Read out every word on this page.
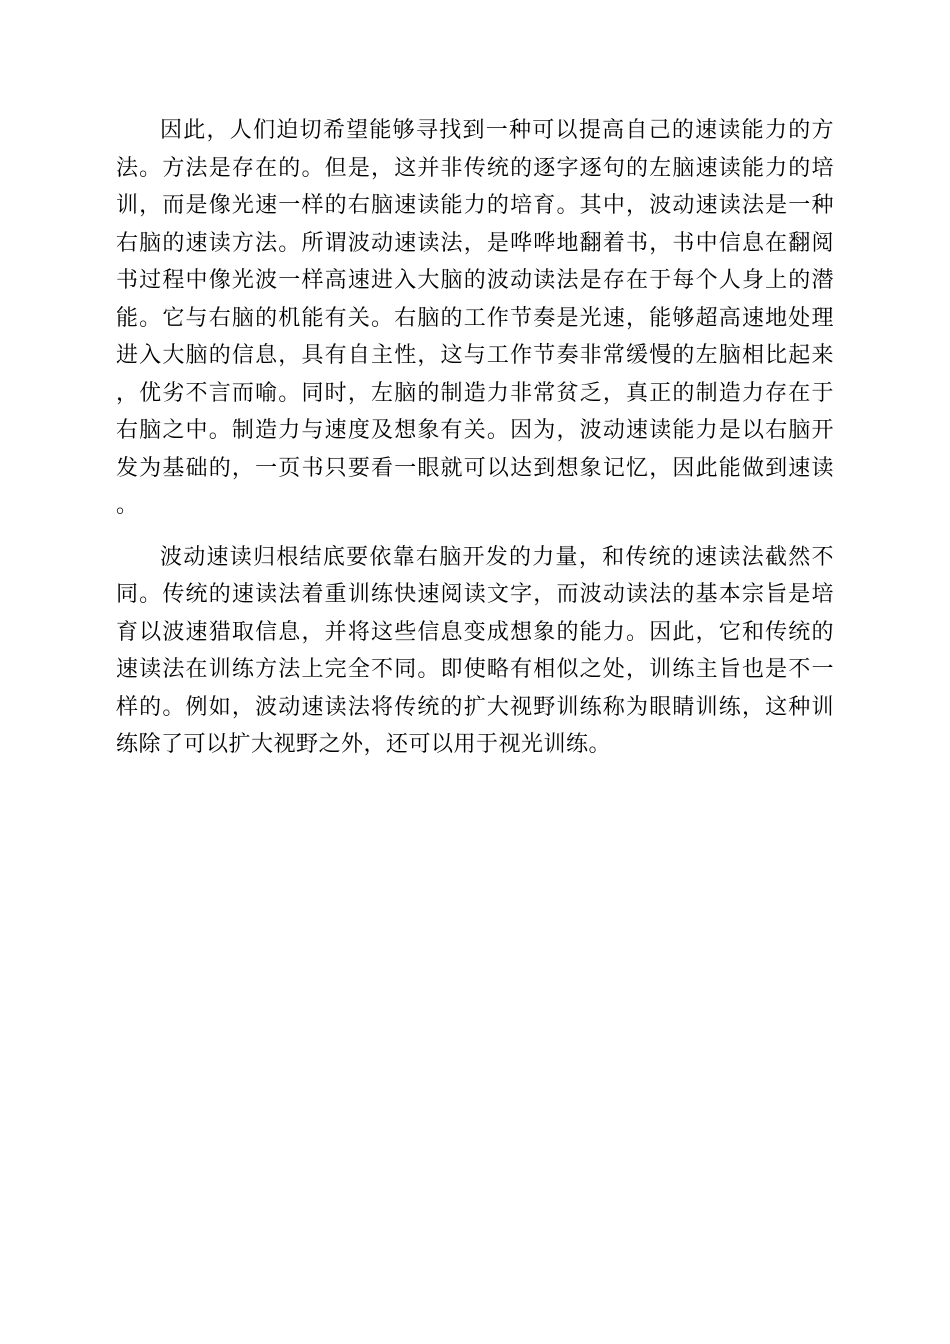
因此，人们迫切希望能够寻找到一种可以提高自己的速读能力的方法。方法是存在的。但是，这并非传统的逐字逐句的左脑速读能力的培训，而是像光速一样的右脑速读能力的培育。其中，波动速读法是一种右脑的速读方法。所谓波动速读法，是哗哗地翻着书，书中信息在翻阅书过程中像光波一样高速进入大脑的波动读法是存在于每个人身上的潜能。它与右脑的机能有关。右脑的工作节奏是光速，能够超高速地处理进入大脑的信息，具有自主性，这与工作节奏非常缓慢的左脑相比起来，优劣不言而喻。同时，左脑的制造力非常贫乏，真正的制造力存在于右脑之中。制造力与速度及想象有关。因为，波动速读能力是以右脑开发为基础的，一页书只要看一眼就可以达到想象记忆，因此能做到速读。

波动速读归根结底要依靠右脑开发的力量，和传统的速读法截然不同。传统的速读法着重训练快速阅读文字，而波动读法的基本宗旨是培育以波速猎取信息，并将这些信息变成想象的能力。因此，它和传统的速读法在训练方法上完全不同。即使略有相似之处，训练主旨也是不一样的。例如，波动速读法将传统的扩大视野训练称为眼睛训练，这种训练除了可以扩大视野之外，还可以用于视光训练。
